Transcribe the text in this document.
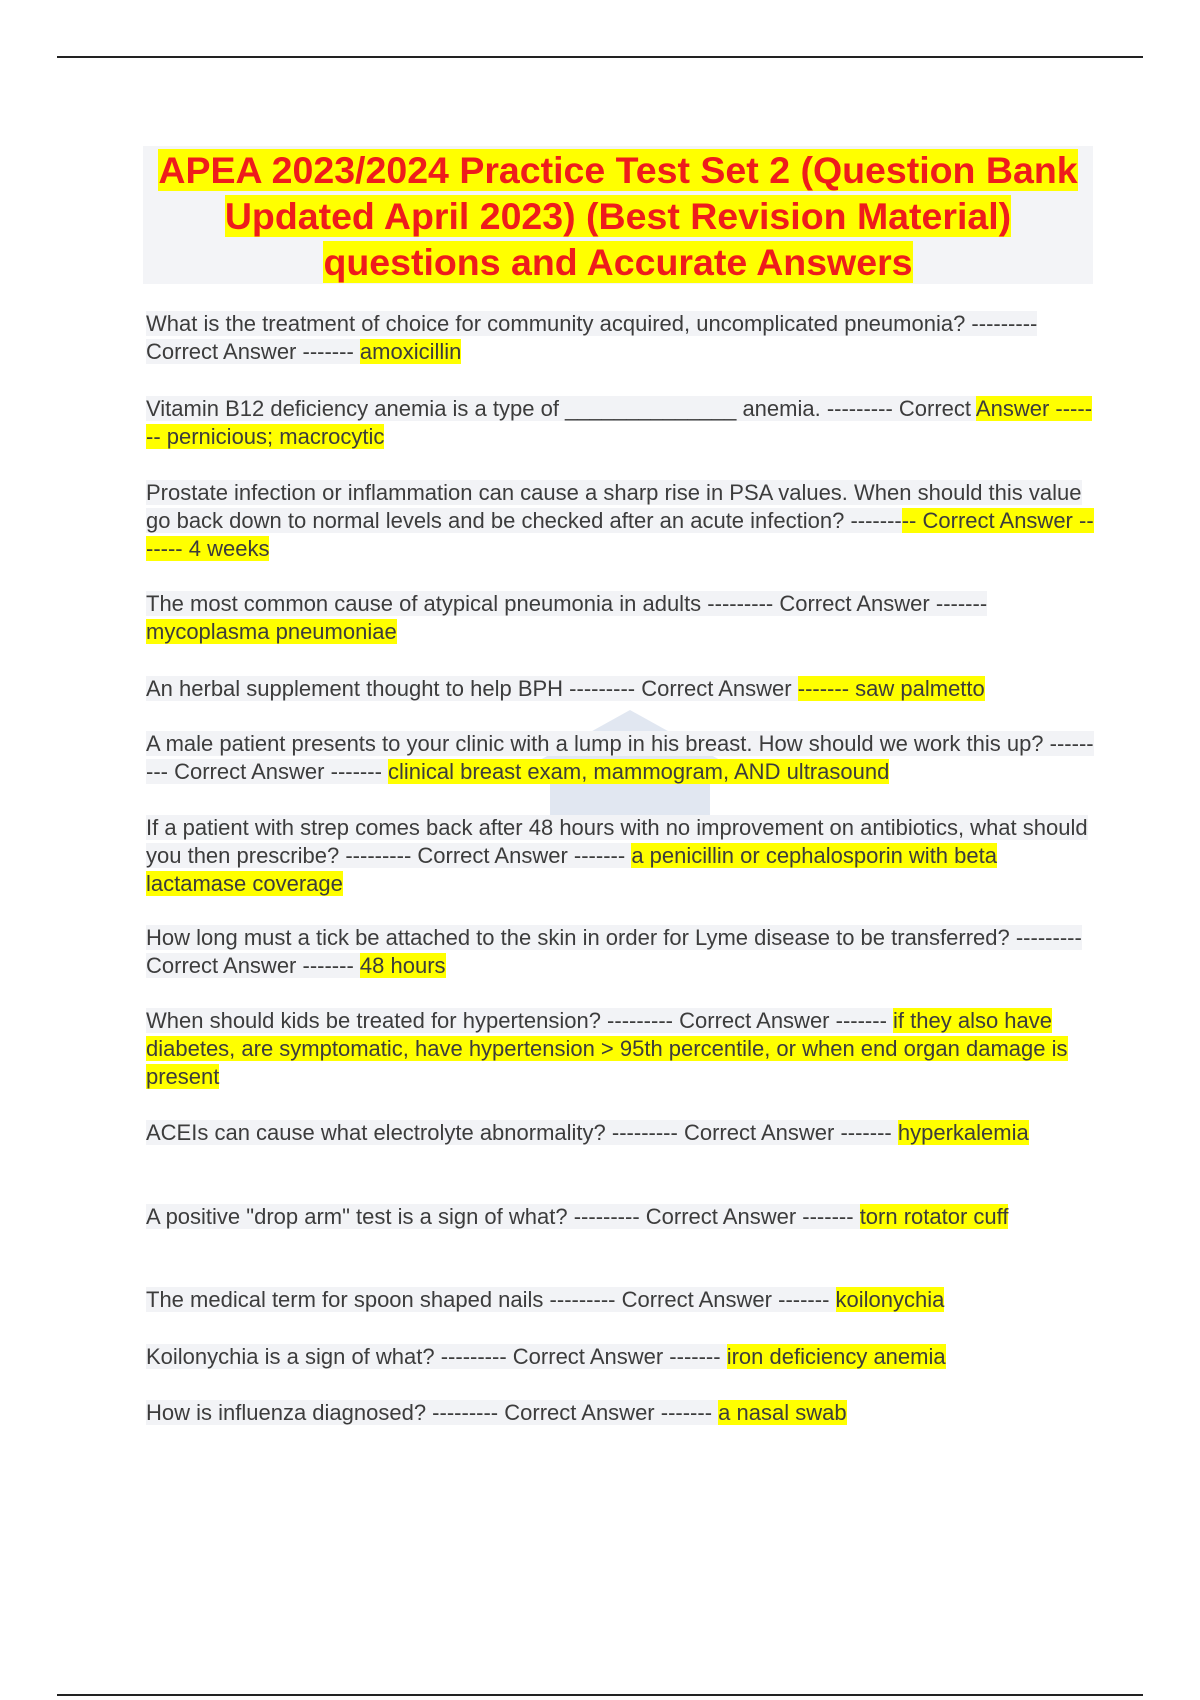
APEA 2023/2024 Practice Test Set 2 (Question Bank Updated April 2023) (Best Revision Material) questions and Accurate Answers

What is the treatment of choice for community acquired, uncomplicated pneumonia? --------- Correct Answer ------- amoxicillin

Vitamin B12 deficiency anemia is a type of ______________ anemia. --------- Correct Answer ------- pernicious; macrocytic

Prostate infection or inflammation can cause a sharp rise in PSA values. When should this value go back down to normal levels and be checked after an acute infection? --------- Correct Answer ------- 4 weeks

The most common cause of atypical pneumonia in adults --------- Correct Answer ------- mycoplasma pneumoniae

An herbal supplement thought to help BPH --------- Correct Answer ------- saw palmetto

A male patient presents to your clinic with a lump in his breast. How should we work this up? --------- Correct Answer ------- clinical breast exam, mammogram, AND ultrasound

If a patient with strep comes back after 48 hours with no improvement on antibiotics, what should you then prescribe? --------- Correct Answer ------- a penicillin or cephalosporin with beta lactamase coverage

How long must a tick be attached to the skin in order for Lyme disease to be transferred? --------- Correct Answer ------- 48 hours

When should kids be treated for hypertension? --------- Correct Answer ------- if they also have diabetes, are symptomatic, have hypertension > 95th percentile, or when end organ damage is present

ACEIs can cause what electrolyte abnormality? --------- Correct Answer ------- hyperkalemia

A positive "drop arm" test is a sign of what? --------- Correct Answer ------- torn rotator cuff

The medical term for spoon shaped nails --------- Correct Answer ------- koilonychia

Koilonychia is a sign of what? --------- Correct Answer ------- iron deficiency anemia

How is influenza diagnosed? --------- Correct Answer ------- a nasal swab
